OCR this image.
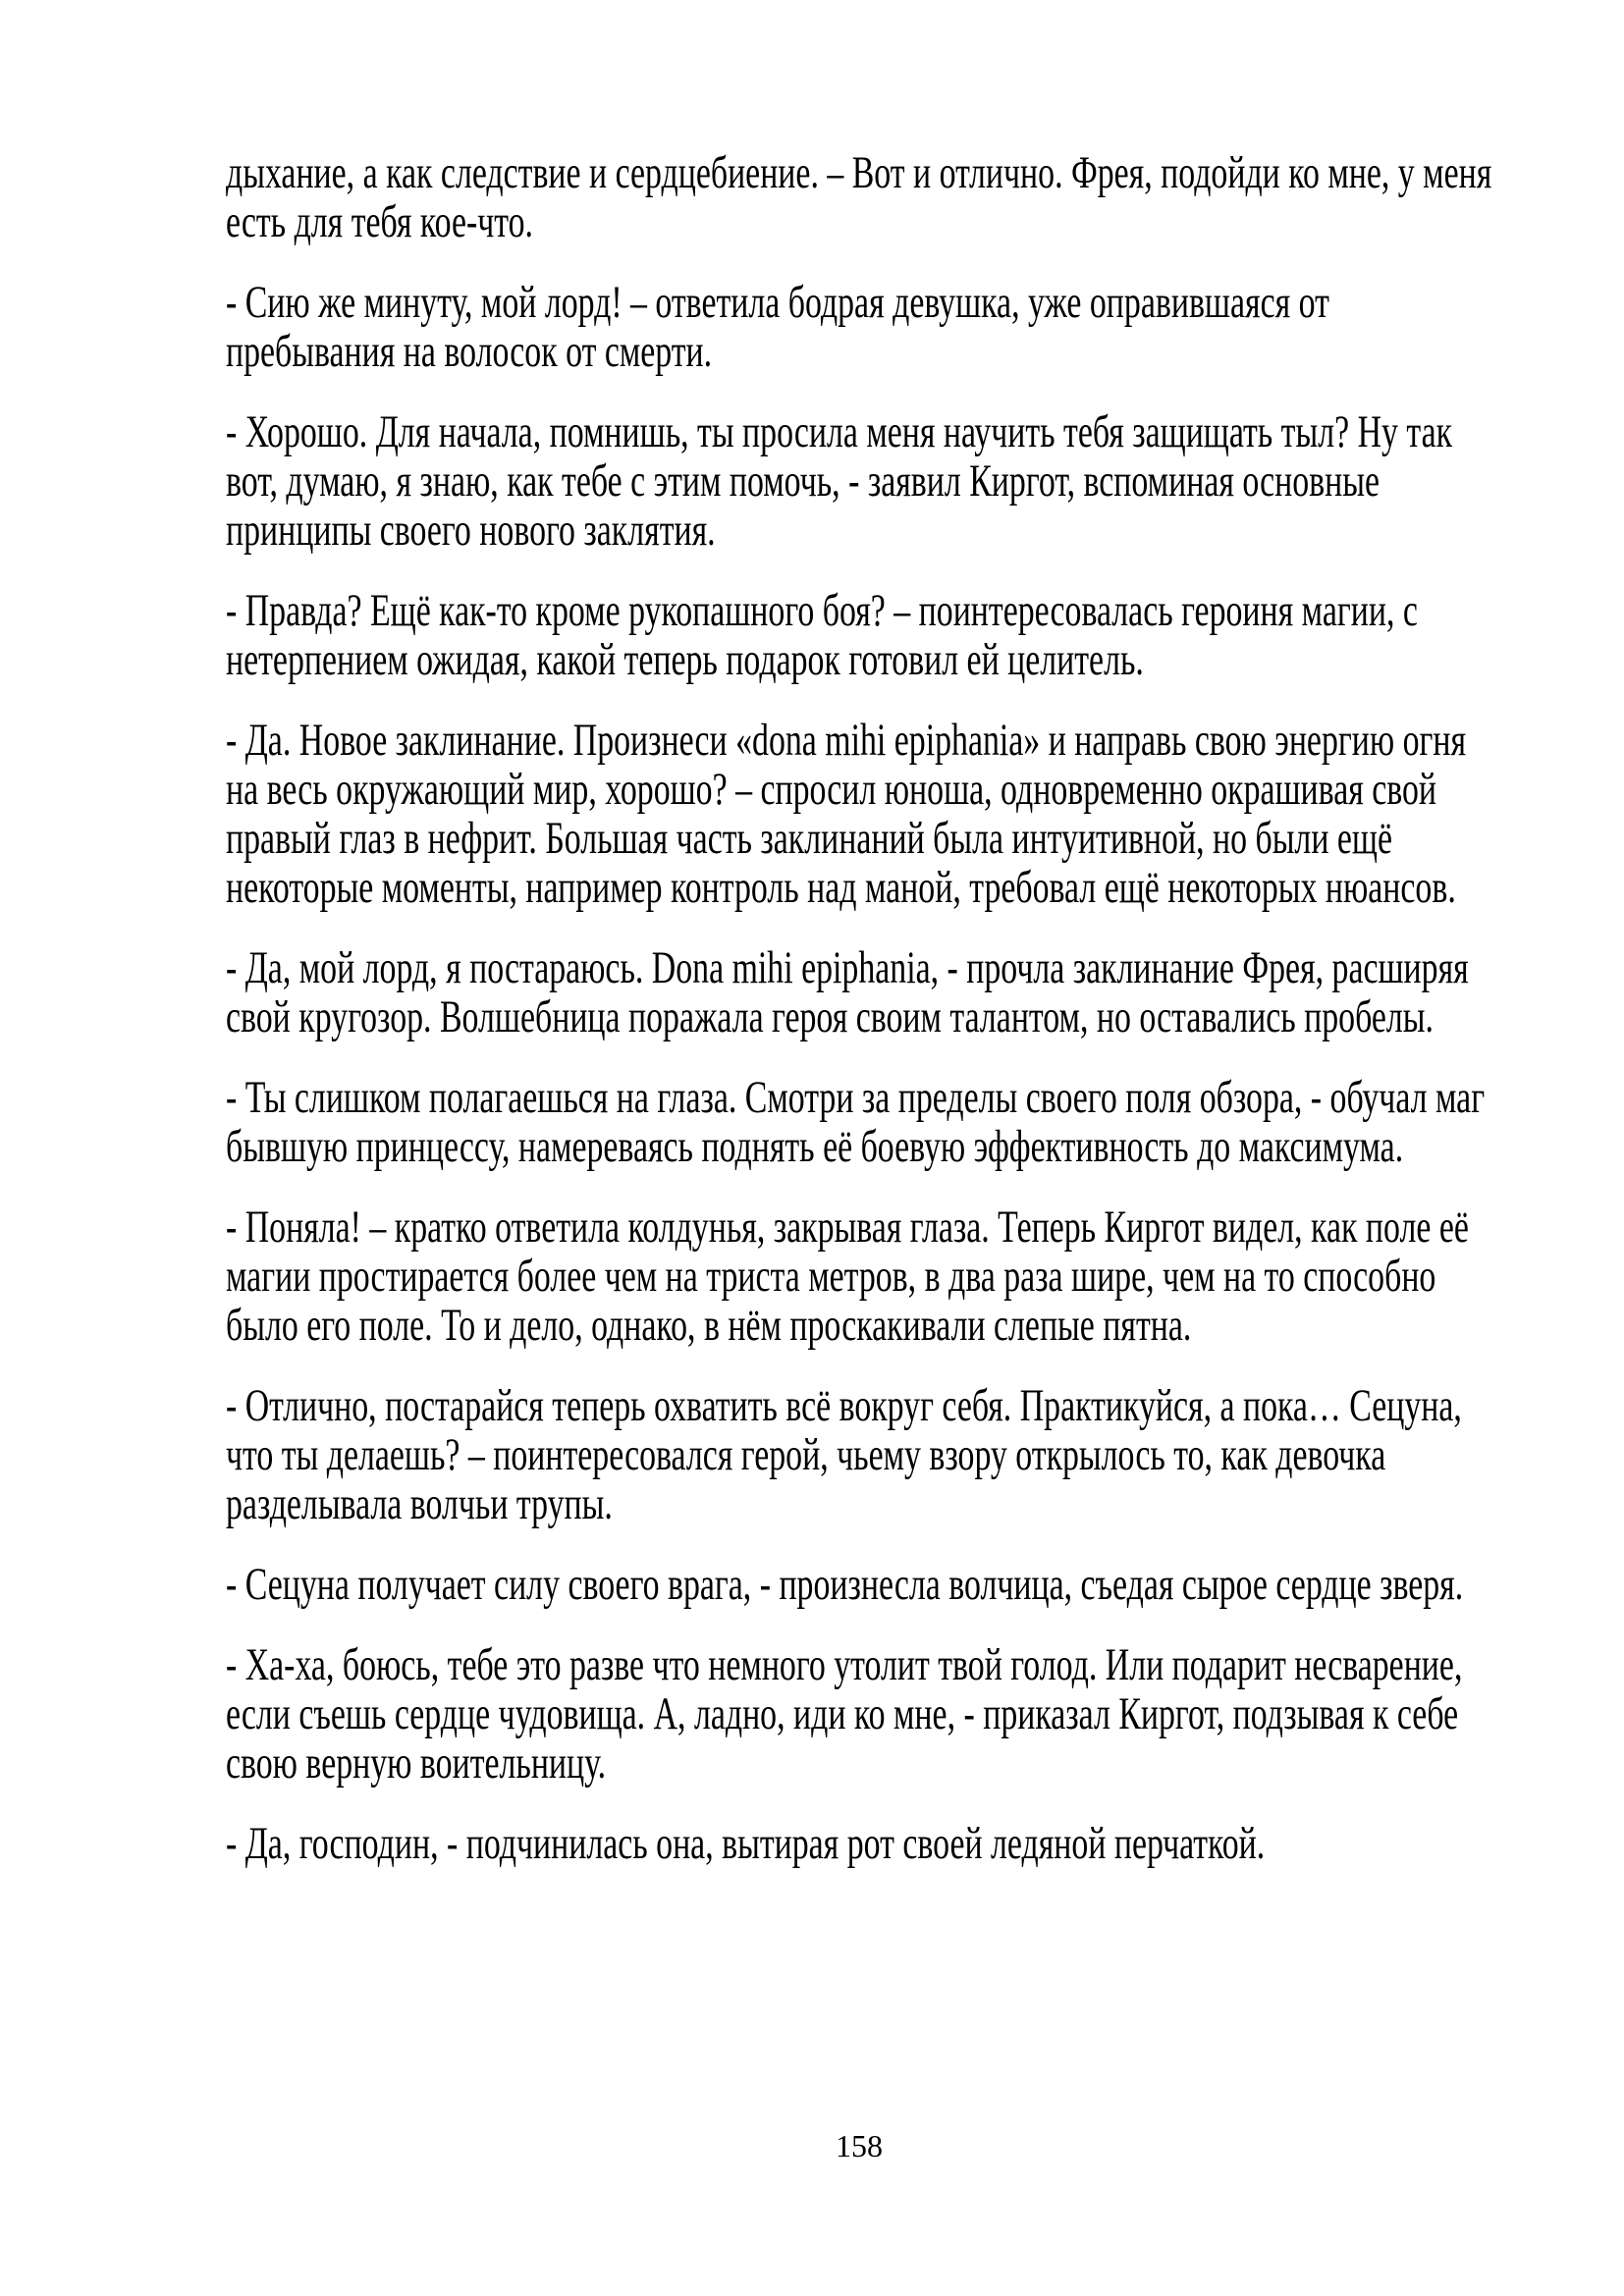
дыхание, а как следствие и сердцебиение. – Вот и отлично. Фрея, подойди ко мне, у меня есть для тебя кое-что.

- Сию же минуту, мой лорд! – ответила бодрая девушка, уже оправившаяся от пребывания на волосок от смерти.

- Хорошо. Для начала, помнишь, ты просила меня научить тебя защищать тыл? Ну так вот, думаю, я знаю, как тебе с этим помочь, - заявил Киргот, вспоминая основные принципы своего нового заклятия.

- Правда? Ещё как-то кроме рукопашного боя? – поинтересовалась героиня магии, с нетерпением ожидая, какой теперь подарок готовил ей целитель.

- Да. Новое заклинание. Произнеси «dona mihi epiphania» и направь свою энергию огня на весь окружающий мир, хорошо? – спросил юноша, одновременно окрашивая свой правый глаз в нефрит. Большая часть заклинаний была интуитивной, но были ещё некоторые моменты, например контроль над маной, требовал ещё некоторых нюансов.

- Да, мой лорд, я постараюсь. Dona mihi epiphania, - прочла заклинание Фрея, расширяя свой кругозор. Волшебница поражала героя своим талантом, но оставались пробелы.

- Ты слишком полагаешься на глаза. Смотри за пределы своего поля обзора, - обучал маг бывшую принцессу, намереваясь поднять её боевую эффективность до максимума.

- Поняла! – кратко ответила колдунья, закрывая глаза. Теперь Киргот видел, как поле её магии простирается более чем на триста метров, в два раза шире, чем на то способно было его поле. То и дело, однако, в нём проскакивали слепые пятна.

- Отлично, постарайся теперь охватить всё вокруг себя. Практикуйся, а пока… Сецуна, что ты делаешь? – поинтересовался герой, чьему взору открылось то, как девочка разделывала волчьи трупы.

- Сецуна получает силу своего врага, - произнесла волчица, съедая сырое сердце зверя.

- Ха-ха, боюсь, тебе это разве что немного утолит твой голод. Или подарит несварение, если съешь сердце чудовища. А, ладно, иди ко мне, - приказал Киргот, подзывая к себе свою верную воительницу.

- Да, господин, - подчинилась она, вытирая рот своей ледяной перчаткой.

158
